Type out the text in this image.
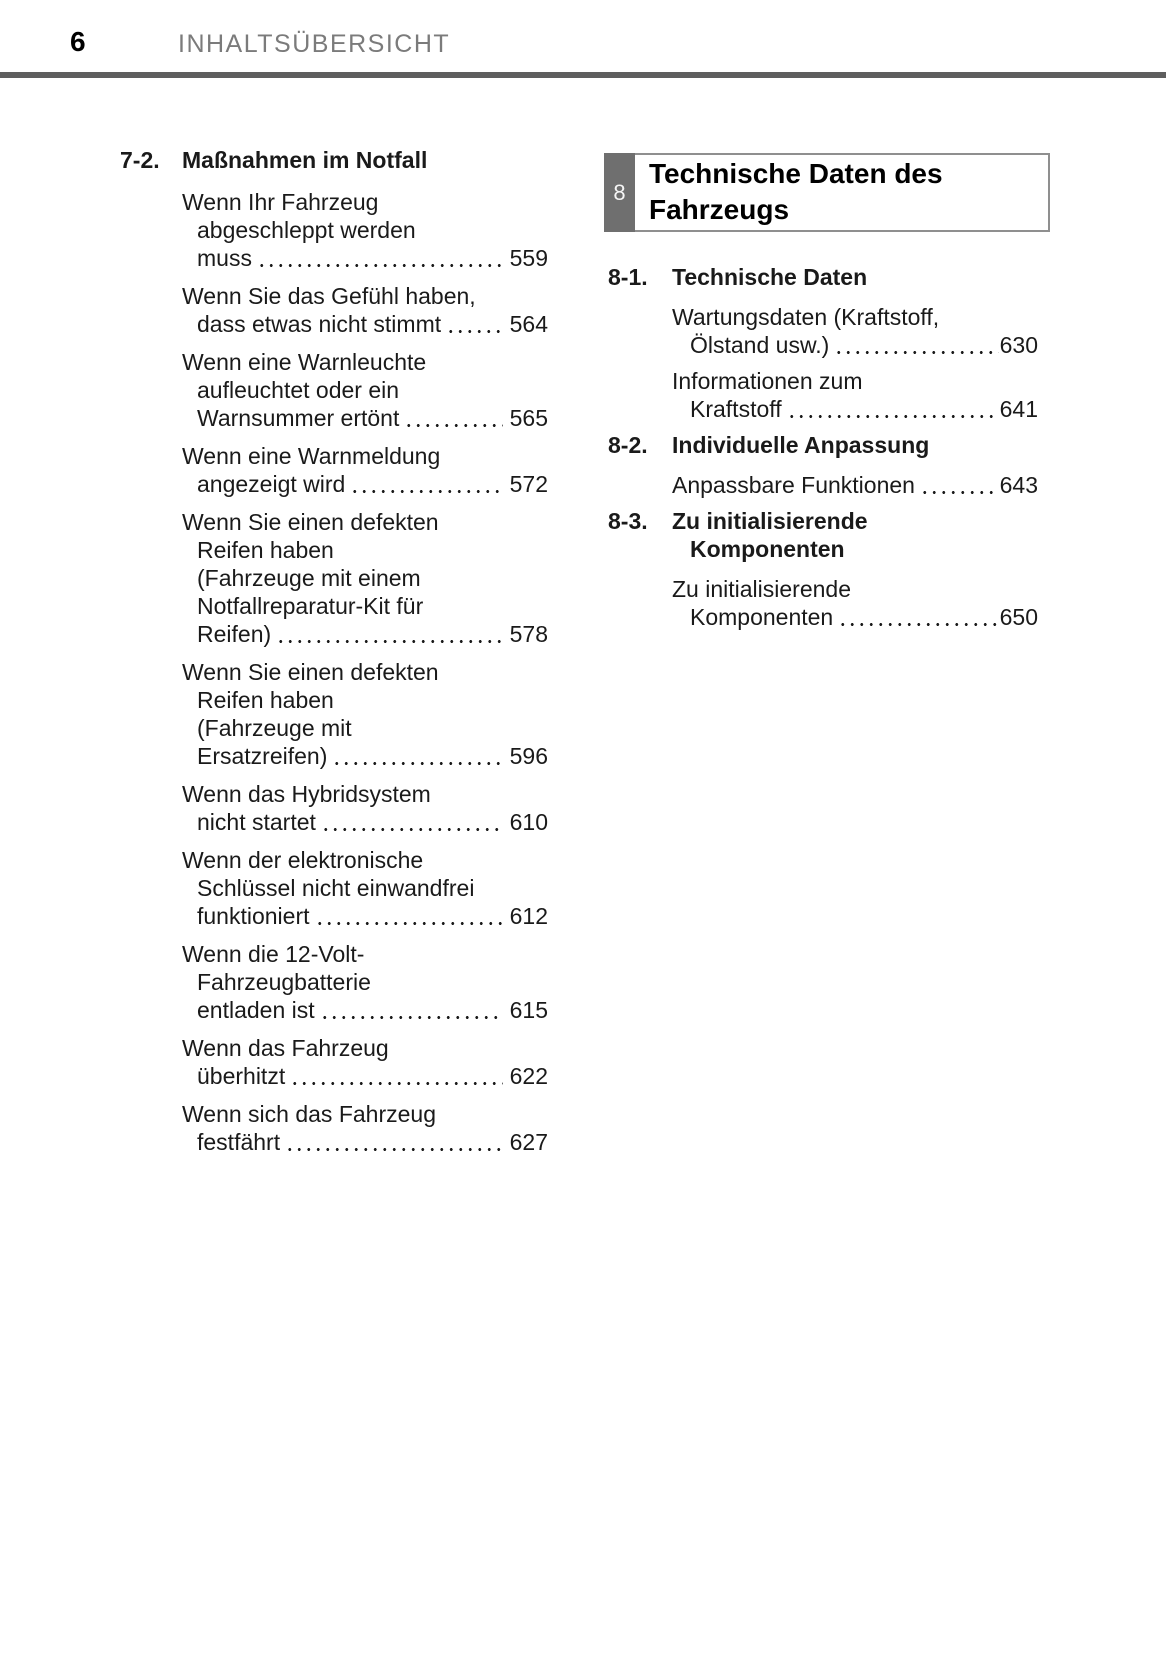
6	INHALTSÜBERSICHT
7-2. Maßnahmen im Notfall
Wenn Ihr Fahrzeug
abgeschleppt werden
muss	559
Wenn Sie das Gefühl haben,
dass etwas nicht stimmt	564
Wenn eine Warnleuchte
aufleuchtet oder ein
Warnsummer ertönt	565
Wenn eine Warnmeldung
angezeigt wird	572
Wenn Sie einen defekten
Reifen haben
(Fahrzeuge mit einem
Notfallreparatur-Kit für
Reifen)	578
Wenn Sie einen defekten
Reifen haben
(Fahrzeuge mit
Ersatzreifen)	596
Wenn das Hybridsystem
nicht startet	610
Wenn der elektronische
Schlüssel nicht einwandfrei
funktioniert	612
Wenn die 12-Volt-
Fahrzeugbatterie
entladen ist	615
Wenn das Fahrzeug
überhitzt	622
Wenn sich das Fahrzeug
festfährt	627
8
Technische Daten des
Fahrzeugs
8-1.	Technische Daten
Wartungsdaten (Kraftstoff,
Ölstand usw.)	630
Informationen zum
Kraftstoff	641
8-2.	Individuelle Anpassung
Anpassbare Funktionen	643
8-3.	Zu initialisierende
Komponenten
Zu initialisierende
Komponenten	650
